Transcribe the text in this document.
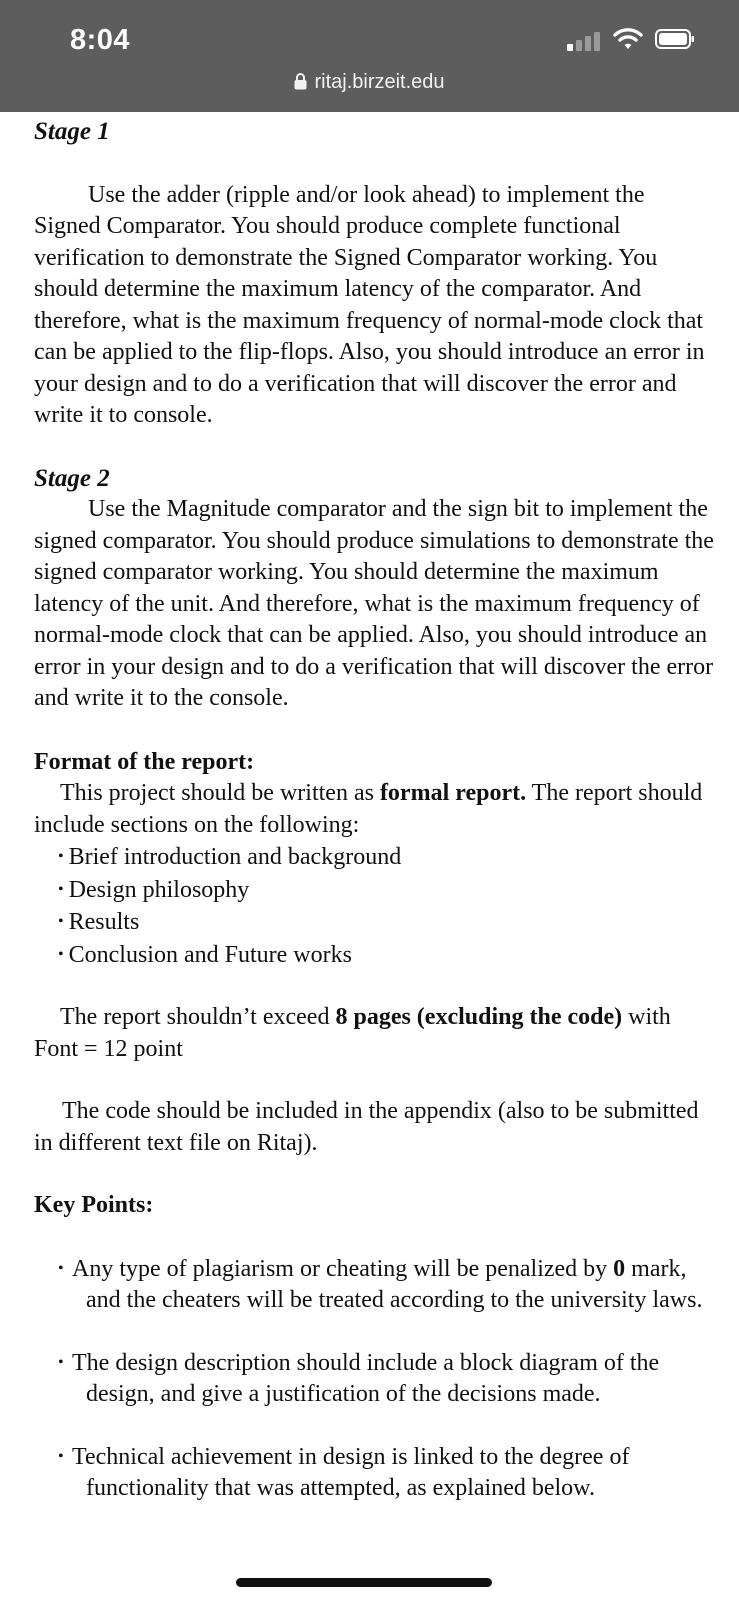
8:04
ritaj.birzeit.edu

Stage 1

Use the adder (ripple and/or look ahead) to implement the Signed Comparator. You should produce complete functional verification to demonstrate the Signed Comparator working. You should determine the maximum latency of the comparator. And therefore, what is the maximum frequency of normal-mode clock that can be applied to the flip-flops. Also, you should introduce an error in your design and to do a verification that will discover the error and write it to console.

Stage 2

Use the Magnitude comparator and the sign bit to implement the signed comparator. You should produce simulations to demonstrate the signed comparator working. You should determine the maximum latency of the unit. And therefore, what is the maximum frequency of normal-mode clock that can be applied. Also, you should introduce an error in your design and to do a verification that will discover the error and write it to the console.

Format of the report:

This project should be written as formal report. The report should include sections on the following:

• Brief introduction and background
• Design philosophy
• Results
• Conclusion and Future works

The report shouldn’t exceed 8 pages (excluding the code) with Font = 12 point

The code should be included in the appendix (also to be submitted in different text file on Ritaj).

Key Points:

• Any type of plagiarism or cheating will be penalized by 0 mark, and the cheaters will be treated according to the university laws.
• The design description should include a block diagram of the design, and give a justification of the decisions made.
• Technical achievement in design is linked to the degree of functionality that was attempted, as explained below.
